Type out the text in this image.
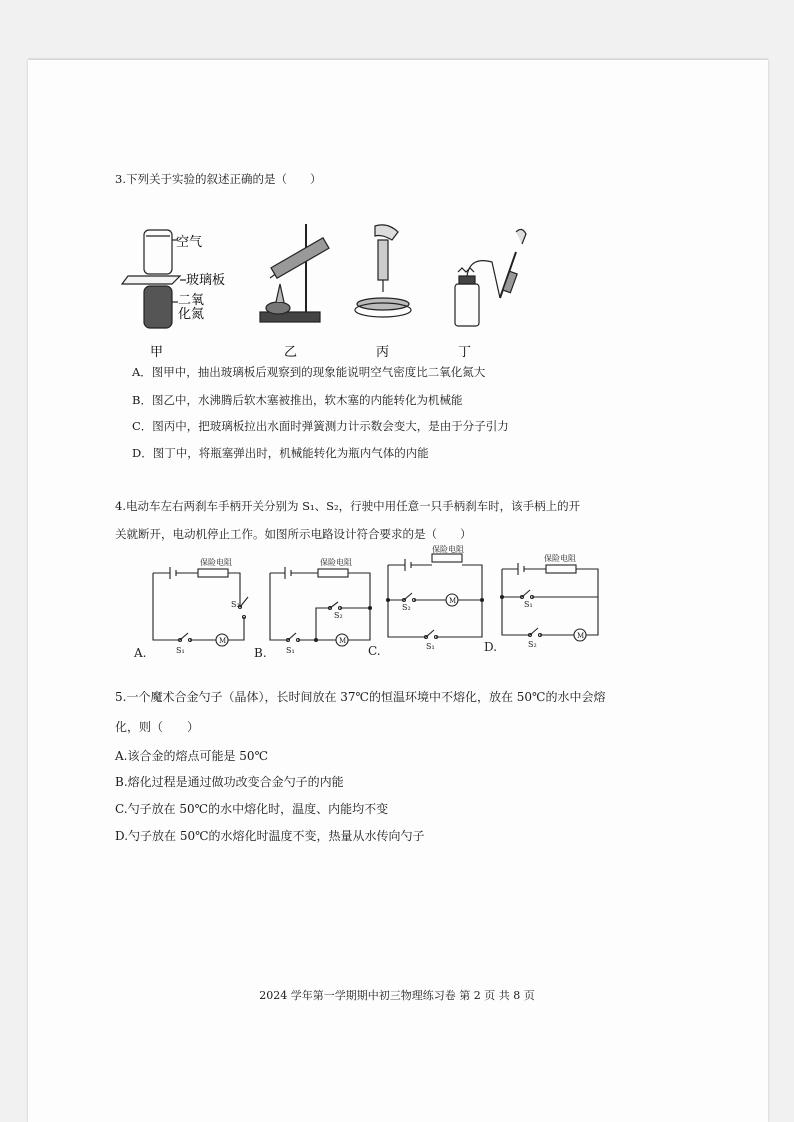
3.下列关于实验的叙述正确的是（　　）
空气
玻璃板
二氧
化氮
甲	乙	丙	丁
A．图甲中，抽出玻璃板后观察到的现象能说明空气密度比二氧化氮大
B．图乙中，水沸腾后软木塞被推出，软木塞的内能转化为机械能
C．图丙中，把玻璃板拉出水面时弹簧测力计示数会变大，是由于分子引力
D．图丁中，将瓶塞弹出时，机械能转化为瓶内气体的内能
4.电动车左右两刹车手柄开关分别为 S₁、S₂，行驶中用任意一只手柄刹车时，该手柄上的开
关就断开，电动机停止工作。如图所示电路设计符合要求的是（　　）
保险电阻	保险电阻
保险电阻
保险电阻
M	M
M
M
S₂
S₁
S₂
S₁
S₂
S₁
S₁
S₂
A.	B.	C.	D.
5.一个魔术合金勺子（晶体），长时间放在 37℃的恒温环境中不熔化，放在 50℃的水中会熔
化，则（　　）
A.该合金的熔点可能是 50℃
B.熔化过程是通过做功改变合金勺子的内能
C.勺子放在 50℃的水中熔化时，温度、内能均不变
D.勺子放在 50℃的水熔化时温度不变，热量从水传向勺子
2024 学年第一学期期中初三物理练习卷 第 2 页 共 8 页
